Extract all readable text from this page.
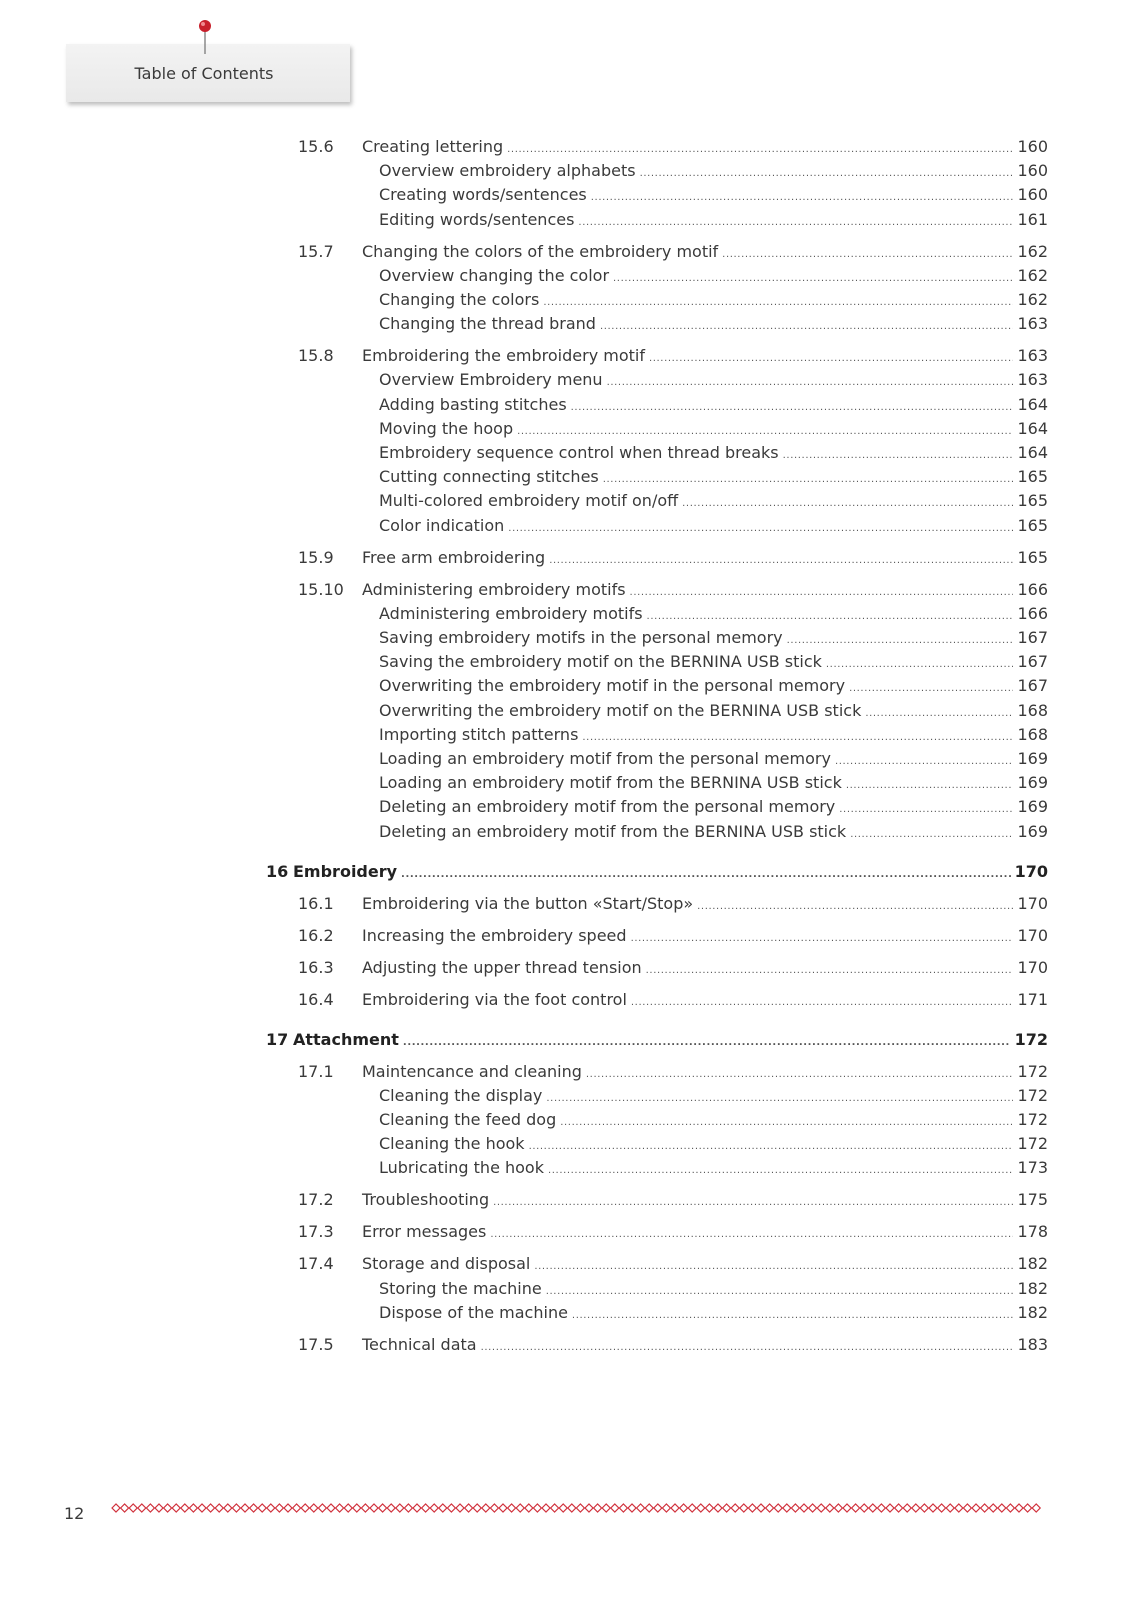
Table of Contents
15.6 Creating lettering .....	160
Overview embroidery alphabets .....	160
Creating words/sentences .....	160
Editing words/sentences .....	161
15.7 Changing the colors of the embroidery motif .....	162
Overview changing the color .....	162
Changing the colors .....	162
Changing the thread brand .....	163
15.8 Embroidering the embroidery motif .....	163
Overview Embroidery menu .....	163
Adding basting stitches .....	164
Moving the hoop .....	164
Embroidery sequence control when thread breaks .....	164
Cutting connecting stitches .....	165
Multi-colored embroidery motif on/off .....	165
Color indication .....	165
15.9 Free arm embroidering .....	165
15.10 Administering embroidery motifs .....	166
Administering embroidery motifs .....	166
Saving embroidery motifs in the personal memory .....	167
Saving the embroidery motif on the BERNINA USB stick .....	167
Overwriting the embroidery motif in the personal memory .....	167
Overwriting the embroidery motif on the BERNINA USB stick .....	168
Importing stitch patterns .....	168
Loading an embroidery motif from the personal memory .....	169
Loading an embroidery motif from the BERNINA USB stick .....	169
Deleting an embroidery motif from the personal memory .....	169
Deleting an embroidery motif from the BERNINA USB stick .....	169
16 Embroidery .....	170
16.1 Embroidering via the button «Start/Stop» .....	170
16.2 Increasing the embroidery speed .....	170
16.3 Adjusting the upper thread tension .....	170
16.4 Embroidering via the foot control .....	171
17 Attachment .....	172
17.1 Maintencance and cleaning .....	172
Cleaning the display .....	172
Cleaning the feed dog .....	172
Cleaning the hook .....	172
Lubricating the hook .....	173
17.2 Troubleshooting .....	175
17.3 Error messages .....	178
17.4 Storage and disposal .....	182
Storing the machine .....	182
Dispose of the machine .....	182
17.5 Technical data .....	183
12
